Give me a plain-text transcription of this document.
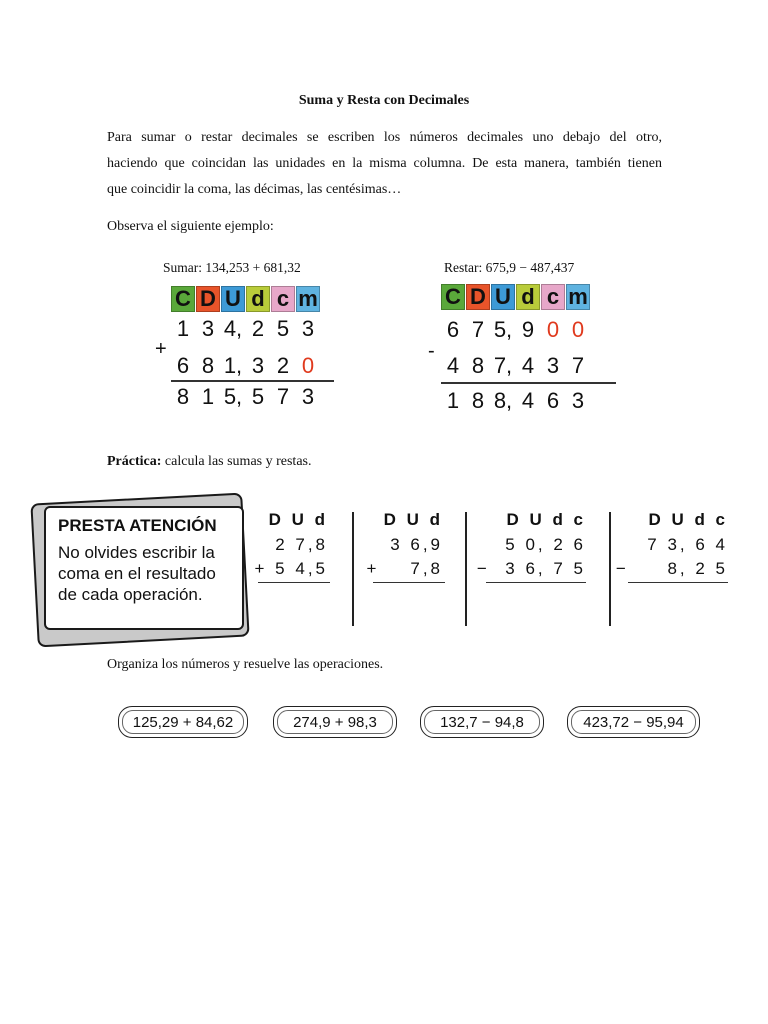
Suma y Resta con Decimales

Para sumar o restar decimales se escriben los números decimales uno debajo del otro,

haciendo que coincidan las unidades en la misma columna. De esta manera, también tienen

que coincidir la coma, las décimas, las centésimas…

Observa el siguiente ejemplo:
Sumar: 134,253 + 681,32
C D U d c m
+
1 3 4, 2 5 3
6 8 1, 3 2 0
8 1 5, 5 7 3
Restar: 675,9 − 487,437
C D U d c m
-
6 7 5, 9 0 0
4 8 7, 4 3 7
1 8 8, 4 6 3
Práctica: calcula las sumas y restas.
PRESTA ATENCIÓN
No olvides escribir la
coma en el resultado
de cada operación.
D U d
2 7,8
+ 5 4,5
D U d
3 6,9
+    7,8
D U d c
5 0, 2 6
−  3 6, 7 5
D U d c
7 3, 6 4
−     8, 2 5
Organiza los números y resuelve las operaciones.
125,29 + 84,62	274,9 + 98,3	132,7 − 94,8	423,72 − 95,94
